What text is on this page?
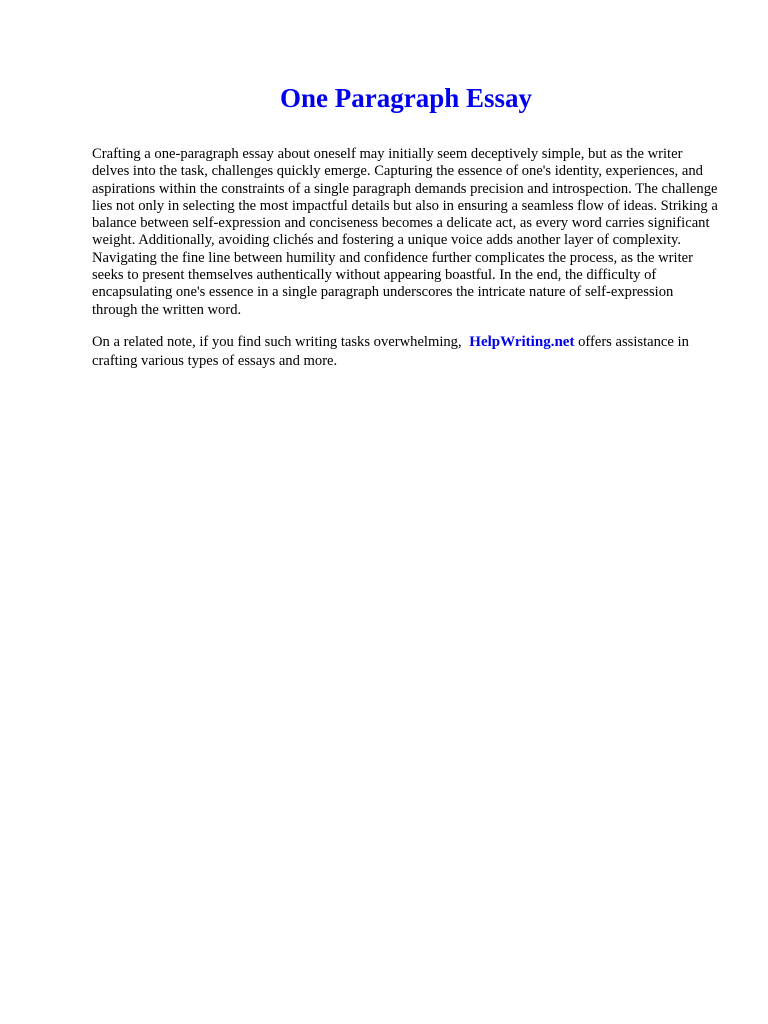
One Paragraph Essay

Crafting a one-paragraph essay about oneself may initially seem deceptively simple, but as the writer delves into the task, challenges quickly emerge. Capturing the essence of one's identity, experiences, and aspirations within the constraints of a single paragraph demands precision and introspection. The challenge lies not only in selecting the most impactful details but also in ensuring a seamless flow of ideas. Striking a balance between self-expression and conciseness becomes a delicate act, as every word carries significant weight. Additionally, avoiding clichés and fostering a unique voice adds another layer of complexity. Navigating the fine line between humility and confidence further complicates the process, as the writer seeks to present themselves authentically without appearing boastful. In the end, the difficulty of encapsulating one's essence in a single paragraph underscores the intricate nature of self-expression through the written word.

On a related note, if you find such writing tasks overwhelming, HelpWriting.net offers assistance in crafting various types of essays and more.
